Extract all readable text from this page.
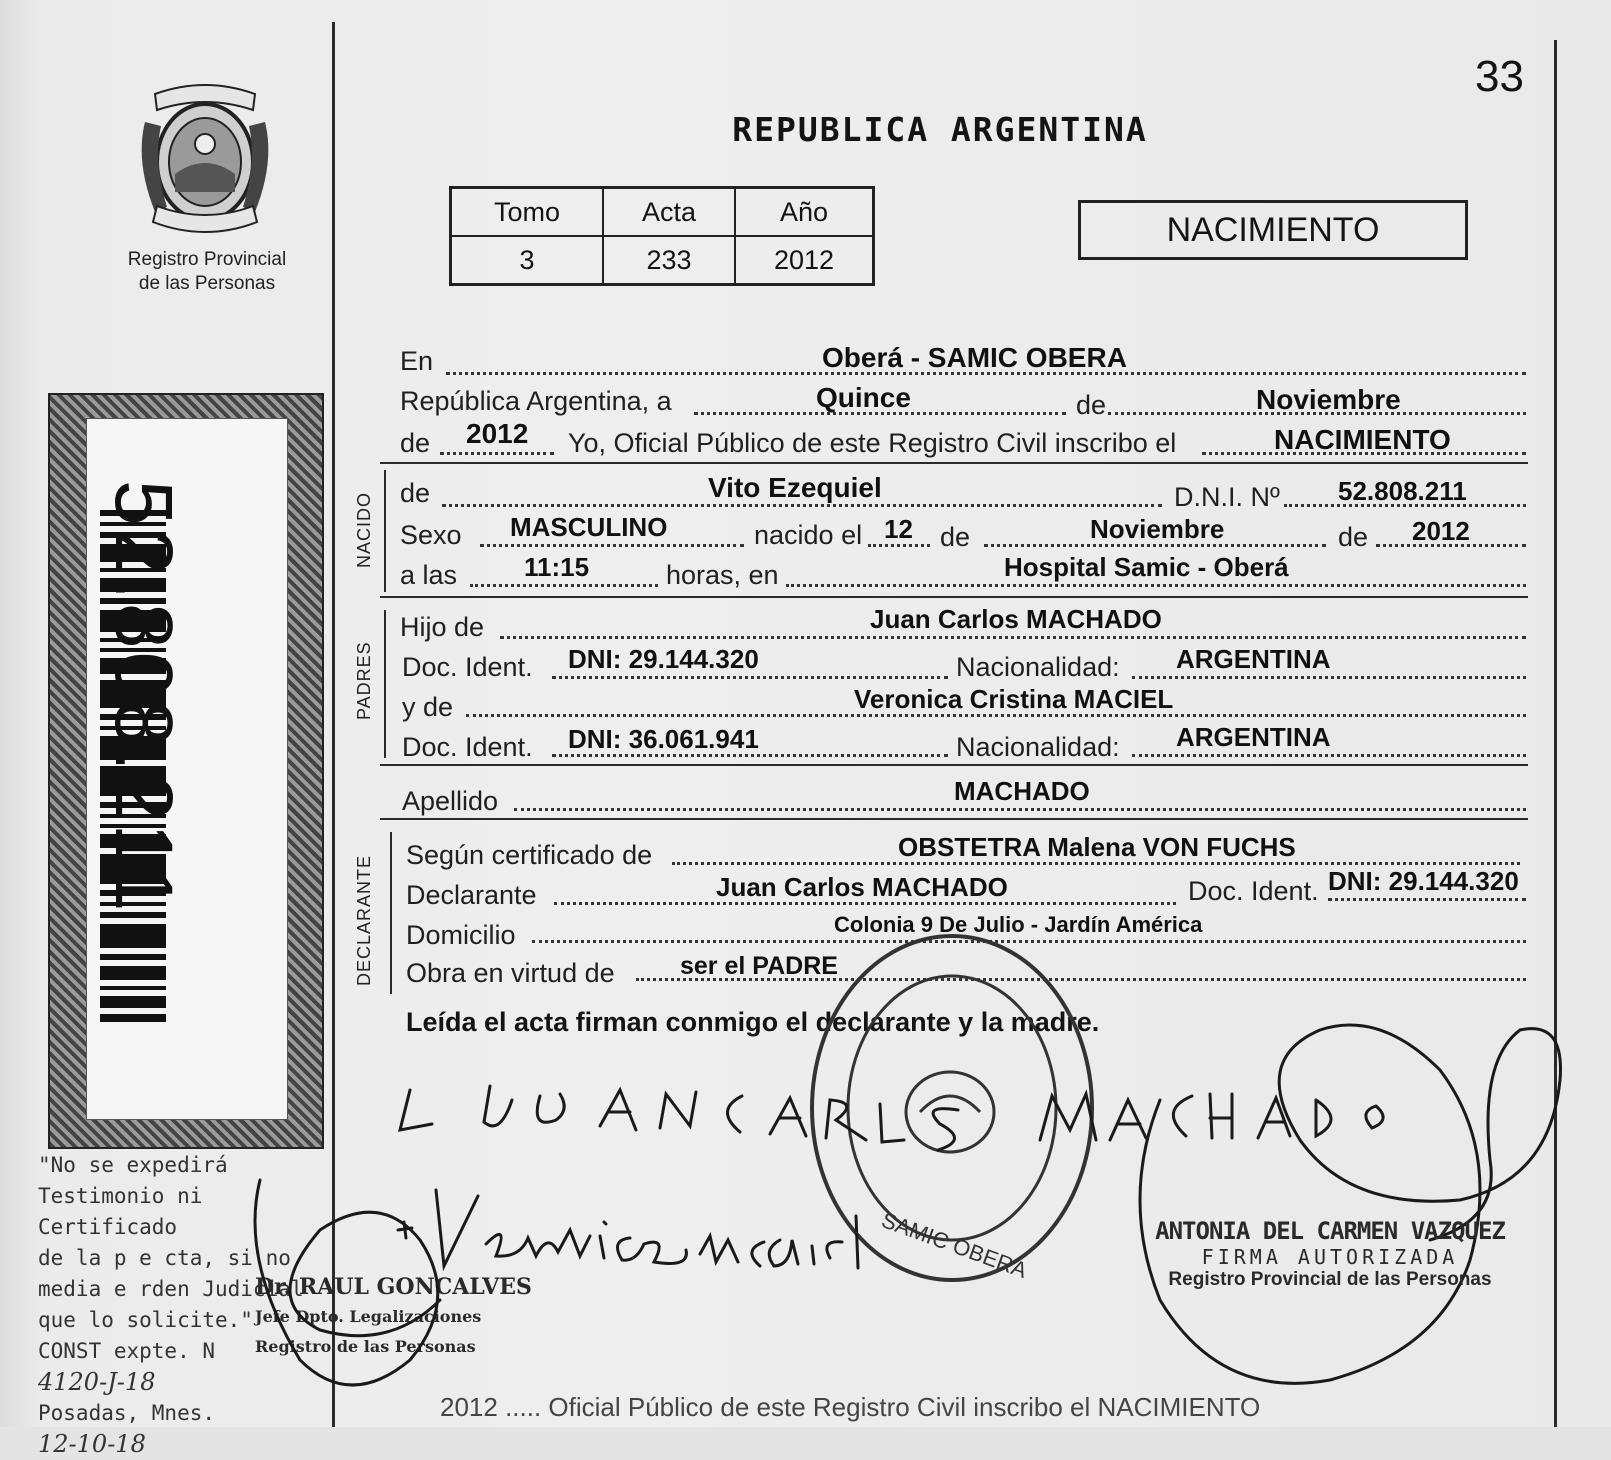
Registro Provincial
de las Personas
52.808.211
33
REPUBLICA ARGENTINA
Tomo	Acta	Año
3	233	2012
NACIMIENTO
En	Oberá - SAMIC OBERA
República Argentina, a	Quince	de	Noviembre
de 2012 Yo, Oficial Público de este Registro Civil inscribo el	NACIMIENTO
NACIDO de	Vito Ezequiel	D.N.I. Nº 52.808.211
Sexo MASCULINO	nacido el 12 de	Noviembre	de 2012
a las	11:15	horas, en	Hospital Samic - Oberá
PADRES
Hijo de	Juan Carlos MACHADO
Doc. Ident. DNI: 29.144.320	Nacionalidad: ARGENTINA
y de	Veronica Cristina MACIEL
Doc. Ident. DNI: 36.061.941	Nacionalidad: ARGENTINA
Apellido	MACHADO
DECLARANTE Según certificado de	OBSTETRA Malena VON FUCHS
Declarante	Juan Carlos MACHADO	Doc. Ident. DNI: 29.144.320
Domicilio	Colonia 9 De Julio - Jardín América
Obra en virtud de	ser el PADRE
Leída el acta firman conmigo el declarante y la madre.
"No se expedirá
Testimonio ni Certificado
de la p e cta, si no
media e rden Judicial
que lo solicite."
CONST expte. N
4120-J-18
Posadas, Mnes.
12-10-18
Dr. RAUL GONCALVES
Jefe Dpto. Legalizaciones
Registro de las Personas
SAMIC OBERA	ANTONIA DEL CARMEN VAZQUEZ
FIRMA AUTORIZADA
Registro Provincial de las Personas
2012 ..... Oficial Público de este Registro Civil inscribo el NACIMIENTO
